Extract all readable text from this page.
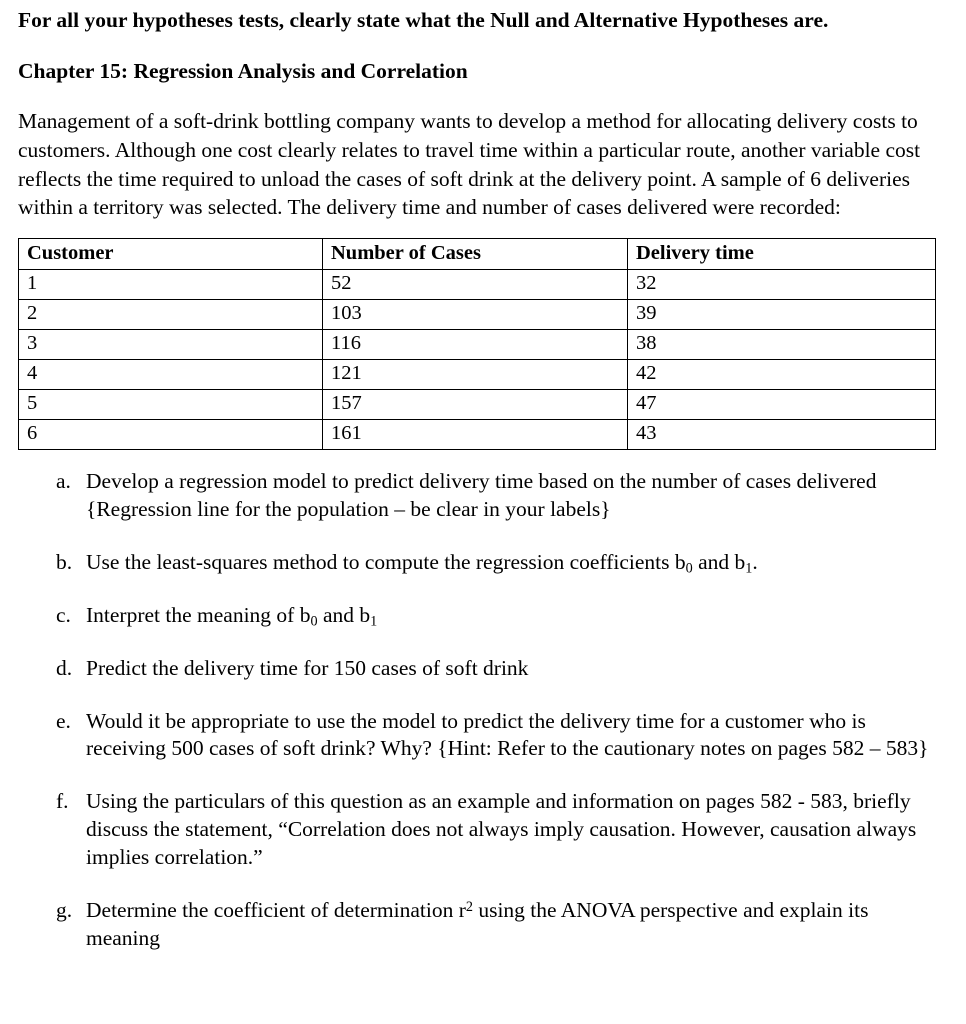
For all your hypotheses tests, clearly state what the Null and Alternative Hypotheses are.

Chapter 15: Regression Analysis and Correlation

Management of a soft-drink bottling company wants to develop a method for allocating delivery costs to customers. Although one cost clearly relates to travel time within a particular route, another variable cost reflects the time required to unload the cases of soft drink at the delivery point. A sample of 6 deliveries within a territory was selected. The delivery time and number of cases delivered were recorded:

Customer	Number of Cases	Delivery time
1	52	32
2	103	39
3	116	38
4	121	42
5	157	47
6	161	43
a. Develop a regression model to predict delivery time based on the number of cases delivered {Regression line for the population – be clear in your labels}
b. Use the least-squares method to compute the regression coefficients $b_0$ and $b_1$.
c. Interpret the meaning of $b_0$ and $b_1$
d. Predict the delivery time for 150 cases of soft drink
e. Would it be appropriate to use the model to predict the delivery time for a customer who is receiving 500 cases of soft drink? Why? {Hint: Refer to the cautionary notes on pages 582 – 583}
f. Using the particulars of this question as an example and information on pages 582 - 583, briefly discuss the statement, “Correlation does not always imply causation. However, causation always implies correlation.”
g. Determine the coefficient of determination $r^2$ using the ANOVA perspective and explain its meaning
